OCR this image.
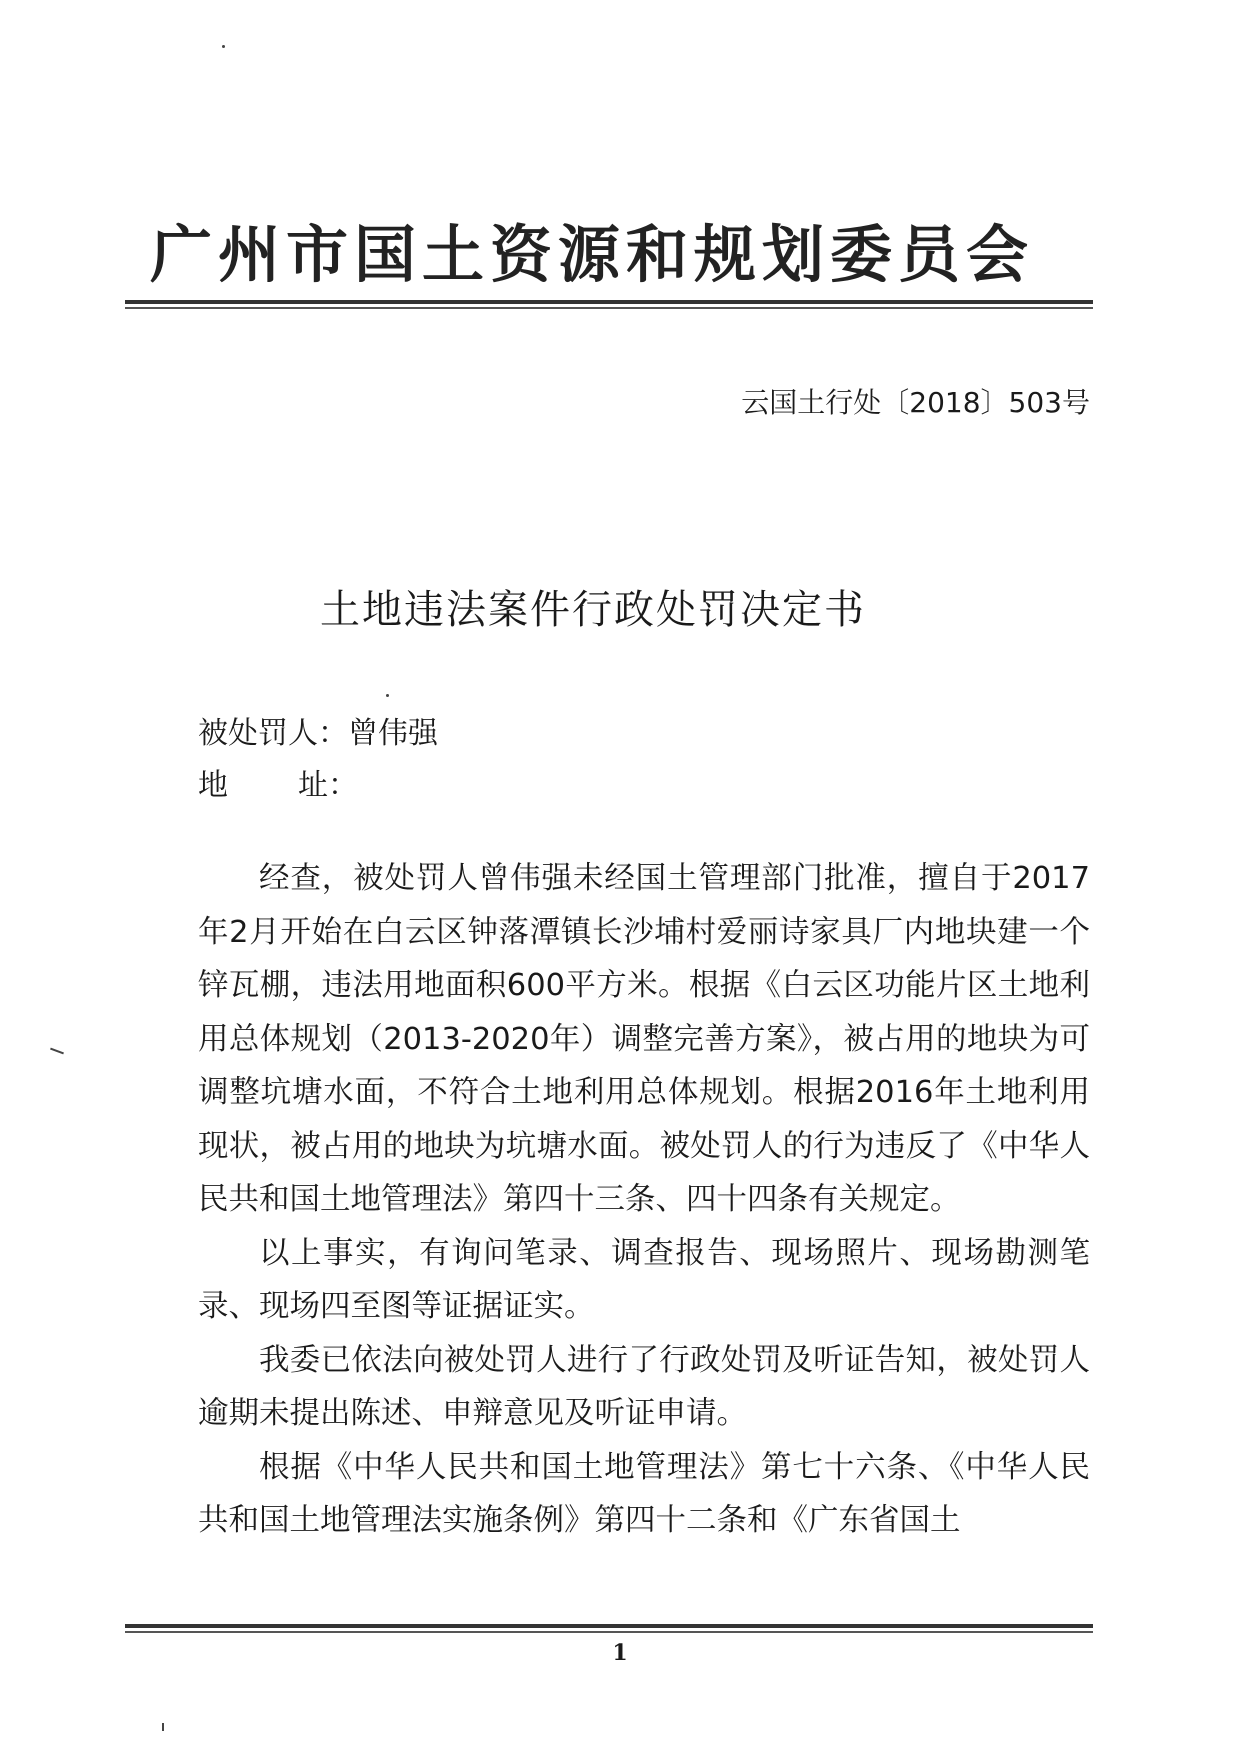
广州市国土资源和规划委员会
云国土行处〔2018〕503号
土地违法案件行政处罚决定书
被处罚人：曾伟强
地址：

经查，被处罚人曾伟强未经国土管理部门批准，擅自于2017年2月开始在白云区钟落潭镇长沙埔村爱丽诗家具厂内地块建一个锌瓦棚，违法用地面积600平方米。根据《白云区功能片区土地利用总体规划（2013-2020年）调整完善方案》，被占用的地块为可调整坑塘水面，不符合土地利用总体规划。根据2016年土地利用现状，被占用的地块为坑塘水面。被处罚人的行为违反了《中华人民共和国土地管理法》第四十三条、四十四条有关规定。

以上事实，有询问笔录、调查报告、现场照片、现场勘测笔录、现场四至图等证据证实。

我委已依法向被处罚人进行了行政处罚及听证告知，被处罚人逾期未提出陈述、申辩意见及听证申请。

根据《中华人民共和国土地管理法》第七十六条、《中华人民共和国土地管理法实施条例》第四十二条和《广东省国土

1
